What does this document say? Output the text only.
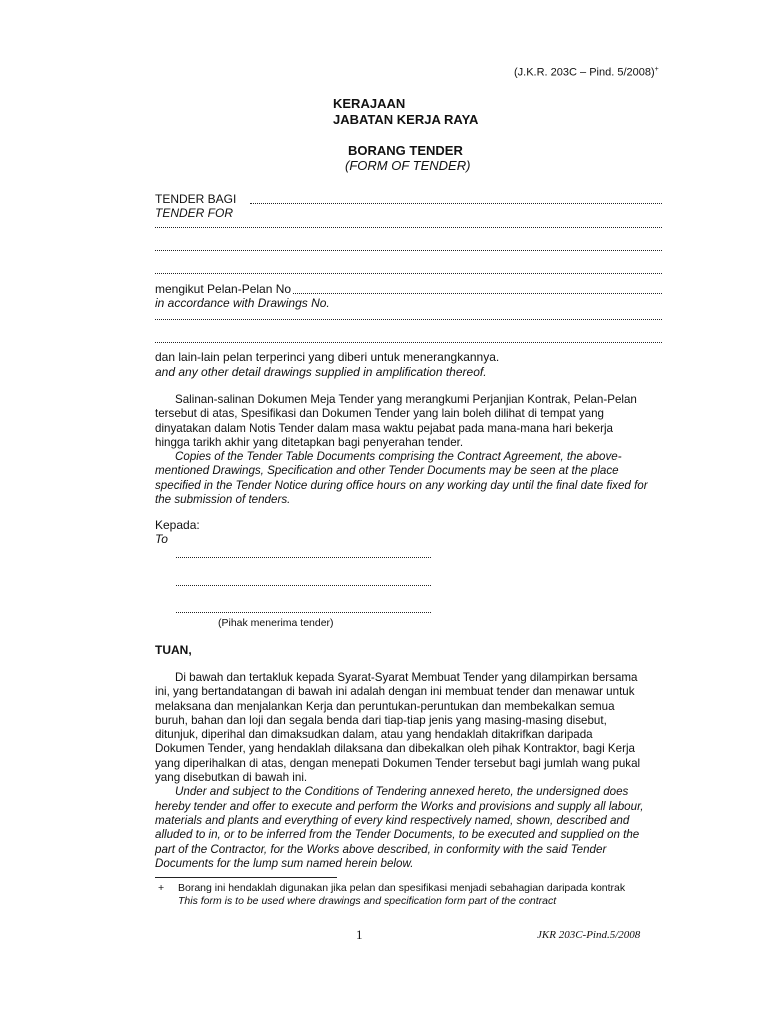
(J.K.R. 203C – Pind. 5/2008)+
KERAJAAN
JABATAN KERJA RAYA
BORANG TENDER
(FORM OF TENDER)
TENDER BAGI
TENDER FOR
mengikut Pelan-Pelan No
in accordance with Drawings No.
dan lain-lain pelan terperinci yang diberi untuk menerangkannya.
and any other detail drawings supplied in amplification thereof.
Salinan-salinan Dokumen Meja Tender yang merangkumi Perjanjian Kontrak, Pelan-Pelan
tersebut di atas, Spesifikasi dan Dokumen Tender yang lain boleh dilihat di tempat yang
dinyatakan dalam Notis Tender dalam masa waktu pejabat pada mana-mana hari bekerja
hingga tarikh akhir yang ditetapkan bagi penyerahan tender.
Copies of the Tender Table Documents comprising the Contract Agreement, the above-
mentioned Drawings, Specification and other Tender Documents may be seen at the place
specified in the Tender Notice during office hours on any working day until the final date fixed for
the submission of tenders.
Kepada:
To
(Pihak menerima tender)
TUAN,
Di bawah dan tertakluk kepada Syarat-Syarat Membuat Tender yang dilampirkan bersama
ini, yang bertandatangan di bawah ini adalah dengan ini membuat tender dan menawar untuk
melaksana dan menjalankan Kerja dan peruntukan-peruntukan dan membekalkan semua
buruh, bahan dan loji dan segala benda dari tiap-tiap jenis yang masing-masing disebut,
ditunjuk, diperihal dan dimaksudkan dalam, atau yang hendaklah ditakrifkan daripada
Dokumen Tender, yang hendaklah dilaksana dan dibekalkan oleh pihak Kontraktor, bagi Kerja
yang diperihalkan di atas, dengan menepati Dokumen Tender tersebut bagi jumlah wang pukal
yang disebutkan di bawah ini.
Under and subject to the Conditions of Tendering annexed hereto, the undersigned does
hereby tender and offer to execute and perform the Works and provisions and supply all labour,
materials and plants and everything of every kind respectively named, shown, described and
alluded to in, or to be inferred from the Tender Documents, to be executed and supplied on the
part of the Contractor, for the Works above described, in conformity with the said Tender
Documents for the lump sum named herein below.
+ Borang ini hendaklah digunakan jika pelan dan spesifikasi menjadi sebahagian daripada kontrak
This form is to be used where drawings and specification form part of the contract
1	JKR 203C-Pind.5/2008
